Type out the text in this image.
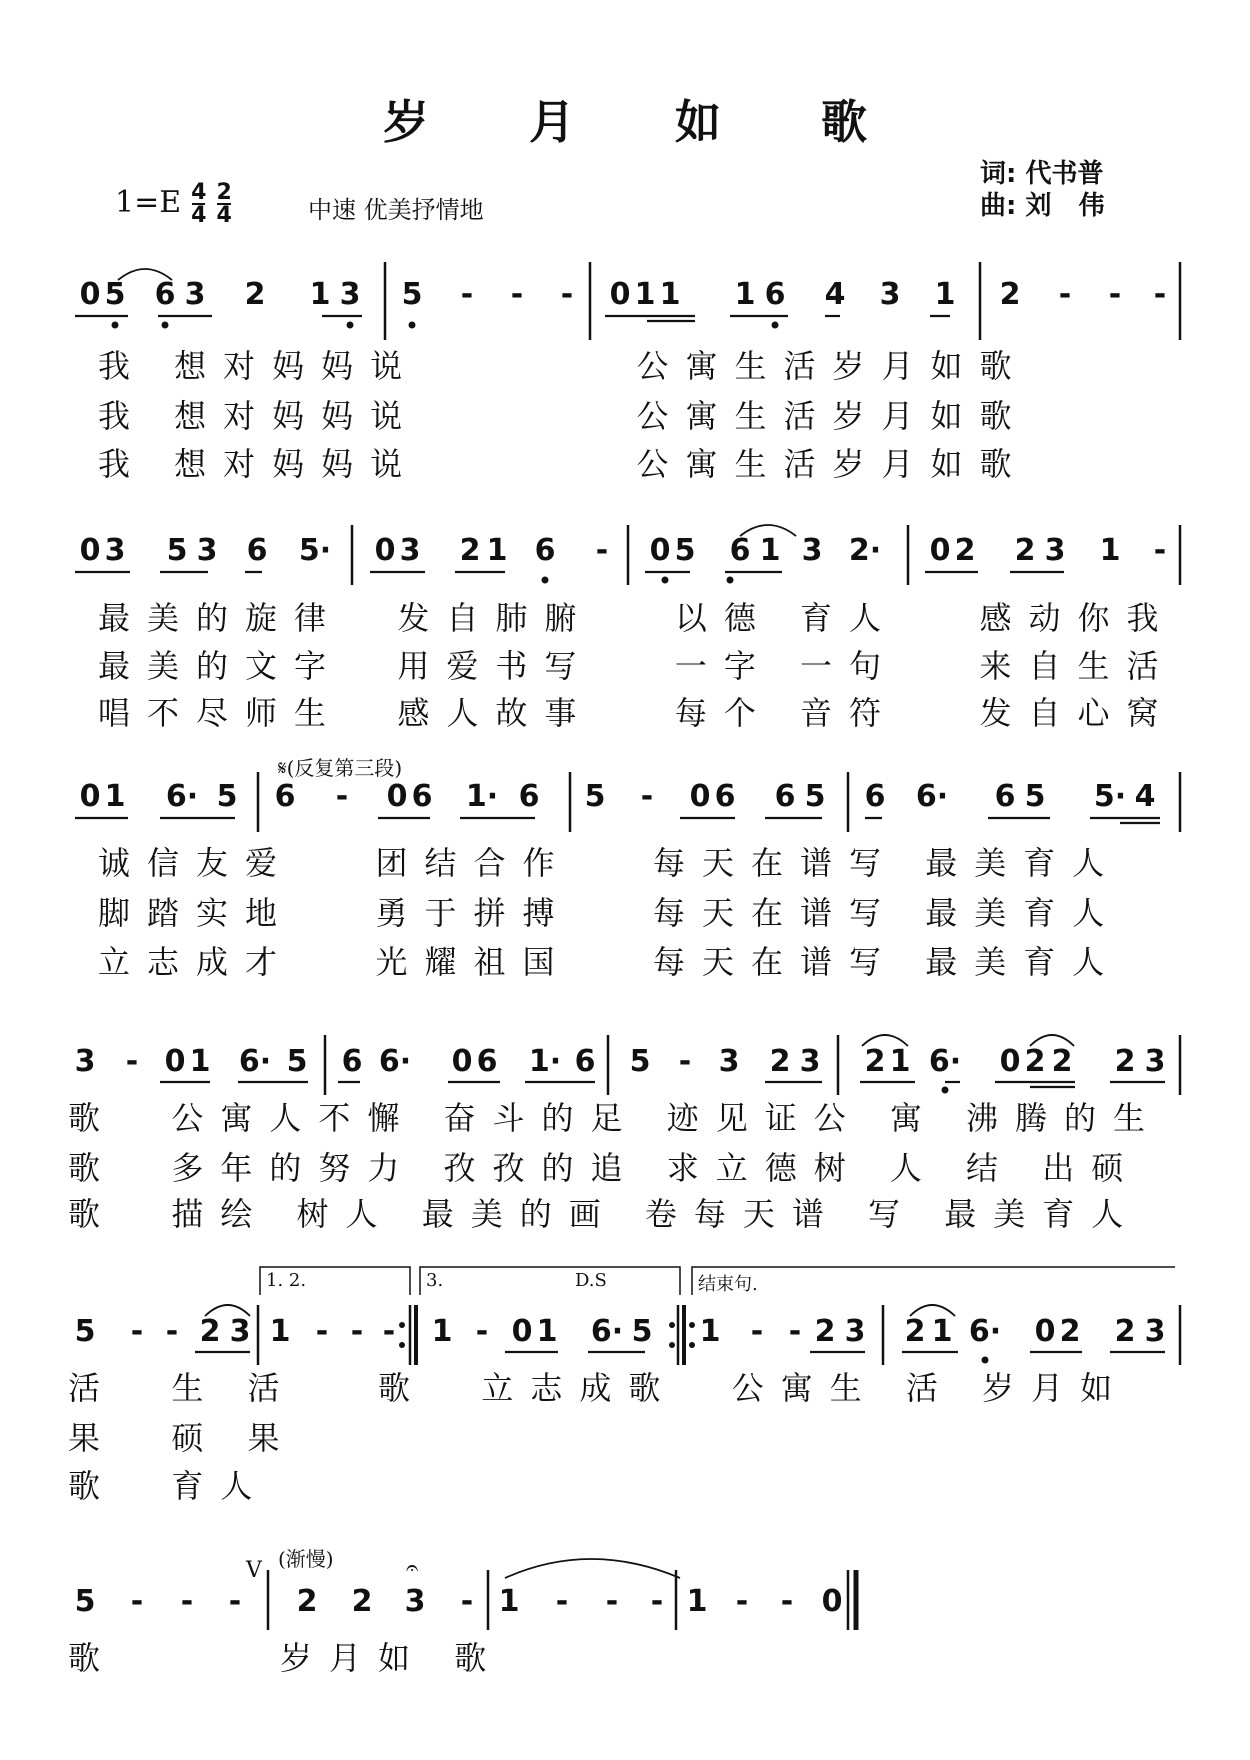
岁 月 如 歌
词: 代书普
曲: 刘   伟
$1=E \frac{4}{4} \frac{2}{4}$	中速 优美抒情地
0 5 6 3 2 1 3 5	-	-	-	0 1 1 1 6 4 3 1 2	-	-	-
我 想对妈妈说        公寓生活岁月如歌
我 想对妈妈说        公寓生活岁月如歌
我 想对妈妈说        公寓生活岁月如歌
0 3 5 3 6 5· 0 3 2 1 6	-	0 5 6 1 3 2· 0 2 2 3 1	-
最美的旋律  发自肺腑   以德 育人   感动你我
最美的文字  用爱书写   一字 一句   来自生活
唱不尽师生  感人故事   每个 音符   发自心窝
𝄋(反复第三段)
0 1 6· 5 6	-	0 6 1· 6 5	-	0 6 6 5 6 6· 6 5 5· 4
诚信友爱   团结合作   每天在谱写 最美育人
脚踏实地   勇于拼搏   每天在谱写 最美育人
立志成才   光耀祖国   每天在谱写 最美育人
3	- 0 1 6· 5 6 6· 0 6 1· 6 5 - 3 2 3 2 1 6· 0 2 2 2 3
歌  公寓人不懈 奋斗的足 迹见证公 寓 沸腾的生
歌  多年的努力 孜孜的追 求立德树 人 结 出硕
歌  描绘 树人 最美的画 卷每天谱 写 最美育人
1. 2.	3.	D.S	结束句.
5	- - 2 3 1 - - -	1 - 0 1 6· 5 1	- - 2 3 2 1 6· 0 2 2 3
活  生 活   歌  立志成歌  公寓生 活 岁月如
果  硕 果
歌  育人
(渐慢)
V	𝄐
5	-	-	-	2 2 3	- 1	-	-	- 1 -	- 0
歌      岁月如 歌
